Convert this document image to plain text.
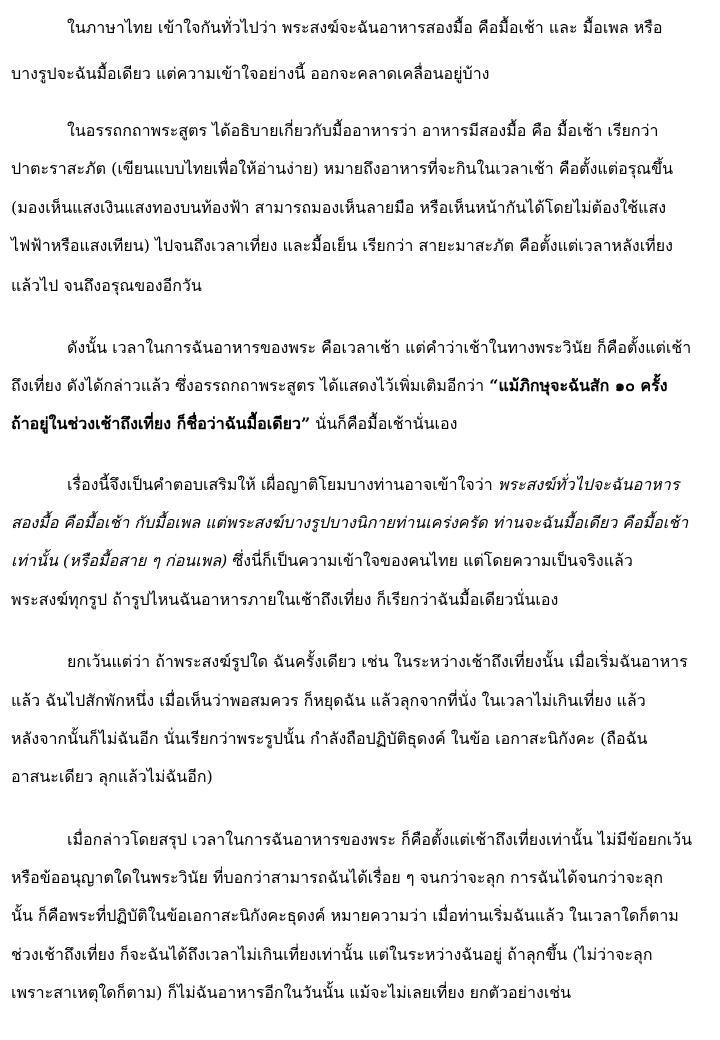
ในภาษาไทย เข้าใจกันทั่วไปว่า พระสงฆ์จะฉันอาหารสองมื้อ คือมื้อเช้า และ มื้อเพล หรือ
บางรูปจะฉันมื้อเดียว แต่ความเข้าใจอย่างนี้ ออกจะคลาดเคลื่อนอยู่บ้าง
ในอรรถกถาพระสูตร ได้อธิบายเกี่ยวกับมื้ออาหารว่า อาหารมีสองมื้อ คือ มื้อเช้า เรียกว่า
ปาตะราสะภัต (เขียนแบบไทยเพื่อให้อ่านง่าย) หมายถึงอาหารที่จะกินในเวลาเช้า คือตั้งแต่อรุณขึ้น
(มองเห็นแสงเงินแสงทองบนท้องฟ้า สามารถมองเห็นลายมือ หรือเห็นหน้ากันได้โดยไม่ต้องใช้แสง
ไฟฟ้าหรือแสงเทียน) ไปจนถึงเวลาเที่ยง และมื้อเย็น เรียกว่า สายะมาสะภัต คือตั้งแต่เวลาหลังเที่ยง
แล้วไป จนถึงอรุณของอีกวัน
ดังนั้น เวลาในการฉันอาหารของพระ คือเวลาเช้า แต่คำว่าเช้าในทางพระวินัย ก็คือตั้งแต่เช้า
ถึงเที่ยง ดังได้กล่าวแล้ว ซึ่งอรรถกถาพระสูตร ได้แสดงไว้เพิ่มเติมอีกว่า “แม้ภิกษุจะฉันสัก ๑๐ ครั้ง
ถ้าอยู่ในช่วงเช้าถึงเที่ยง ก็ชื่อว่าฉันมื้อเดียว” นั่นก็คือมื้อเช้านั่นเอง
เรื่องนี้จึงเป็นคำตอบเสริมให้ เผื่อญาติโยมบางท่านอาจเข้าใจว่า พระสงฆ์ทั่วไปจะฉันอาหาร
สองมื้อ คือมื้อเช้า กับมื้อเพล แต่พระสงฆ์บางรูปบางนิกายท่านเคร่งครัด ท่านจะฉันมื้อเดียว คือมื้อเช้า
เท่านั้น (หรือมื้อสาย ๆ ก่อนเพล) ซึ่งนี่ก็เป็นความเข้าใจของคนไทย แต่โดยความเป็นจริงแล้ว
พระสงฆ์ทุกรูป ถ้ารูปไหนฉันอาหารภายในเช้าถึงเที่ยง ก็เรียกว่าฉันมื้อเดียวนั่นเอง
ยกเว้นแต่ว่า ถ้าพระสงฆ์รูปใด ฉันครั้งเดียว เช่น ในระหว่างเช้าถึงเที่ยงนั้น เมื่อเริ่มฉันอาหาร
แล้ว ฉันไปสักพักหนึ่ง เมื่อเห็นว่าพอสมควร ก็หยุดฉัน แล้วลุกจากที่นั่ง ในเวลาไม่เกินเที่ยง แล้ว
หลังจากนั้นก็ไม่ฉันอีก นั่นเรียกว่าพระรูปนั้น กำลังถือปฏิบัติธุดงค์ ในข้อ เอกาสะนิกังคะ (ถือฉัน
อาสนะเดียว ลุกแล้วไม่ฉันอีก)
เมื่อกล่าวโดยสรุป เวลาในการฉันอาหารของพระ ก็คือตั้งแต่เช้าถึงเที่ยงเท่านั้น ไม่มีข้อยกเว้น
หรือข้ออนุญาตใดในพระวินัย ที่บอกว่าสามารถฉันได้เรื่อย ๆ จนกว่าจะลุก การฉันได้จนกว่าจะลุก
นั้น ก็คือพระที่ปฏิบัติในข้อเอกาสะนิกังคะธุดงค์ หมายความว่า เมื่อท่านเริ่มฉันแล้ว ในเวลาใดก็ตาม
ช่วงเช้าถึงเที่ยง ก็จะฉันได้ถึงเวลาไม่เกินเที่ยงเท่านั้น แต่ในระหว่างฉันอยู่ ถ้าลุกขึ้น (ไม่ว่าจะลุก
เพราะสาเหตุใดก็ตาม) ก็ไม่ฉันอาหารอีกในวันนั้น แม้จะไม่เลยเที่ยง ยกตัวอย่างเช่น
